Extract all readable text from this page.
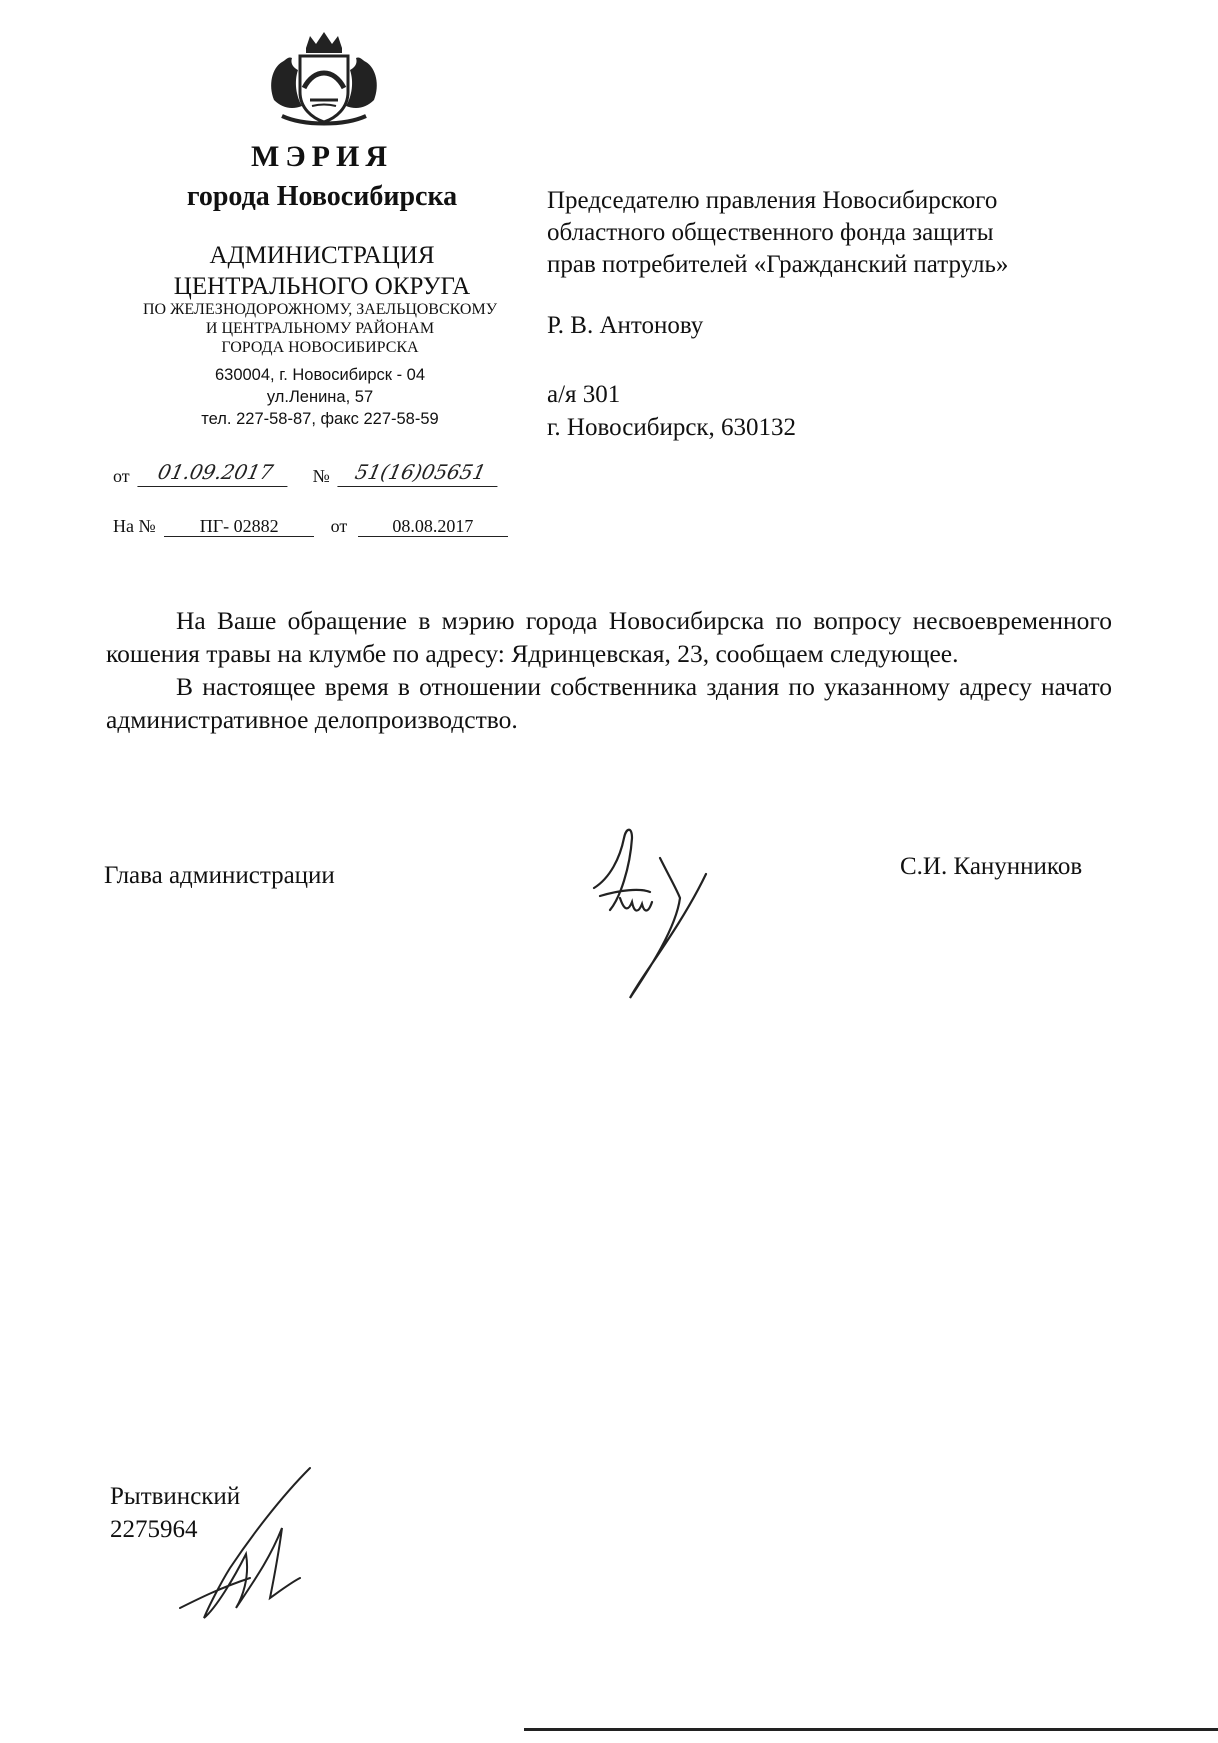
МЭРИЯ
города Новосибирска
АДМИНИСТРАЦИЯ
ЦЕНТРАЛЬНОГО ОКРУГА
ПО ЖЕЛЕЗНОДОРОЖНОМУ, ЗАЕЛЬЦОВСКОМУ
И ЦЕНТРАЛЬНОМУ РАЙОНАМ
ГОРОДА НОВОСИБИРСКА
630004, г. Новосибирск - 04
ул.Ленина, 57
тел. 227-58-87, факс 227-58-59
от 01.09.2017 № 51(16)05651
На № ПГ- 02882	от	08.08.2017
Председателю правления Новосибирского
областного общественного фонда защиты
прав потребителей «Гражданский патруль»
Р. В. Антонову
а/я 301
г. Новосибирск, 630132

На Ваше обращение в мэрию города Новосибирска по вопросу несвоевременного кошения травы на клумбе по адресу: Ядринцевская, 23, сообщаем следующее.

В настоящее время в отношении собственника здания по указанному адресу начато административное делопроизводство.

Глава администрации	С.И. Канунников
Рытвинский
2275964
